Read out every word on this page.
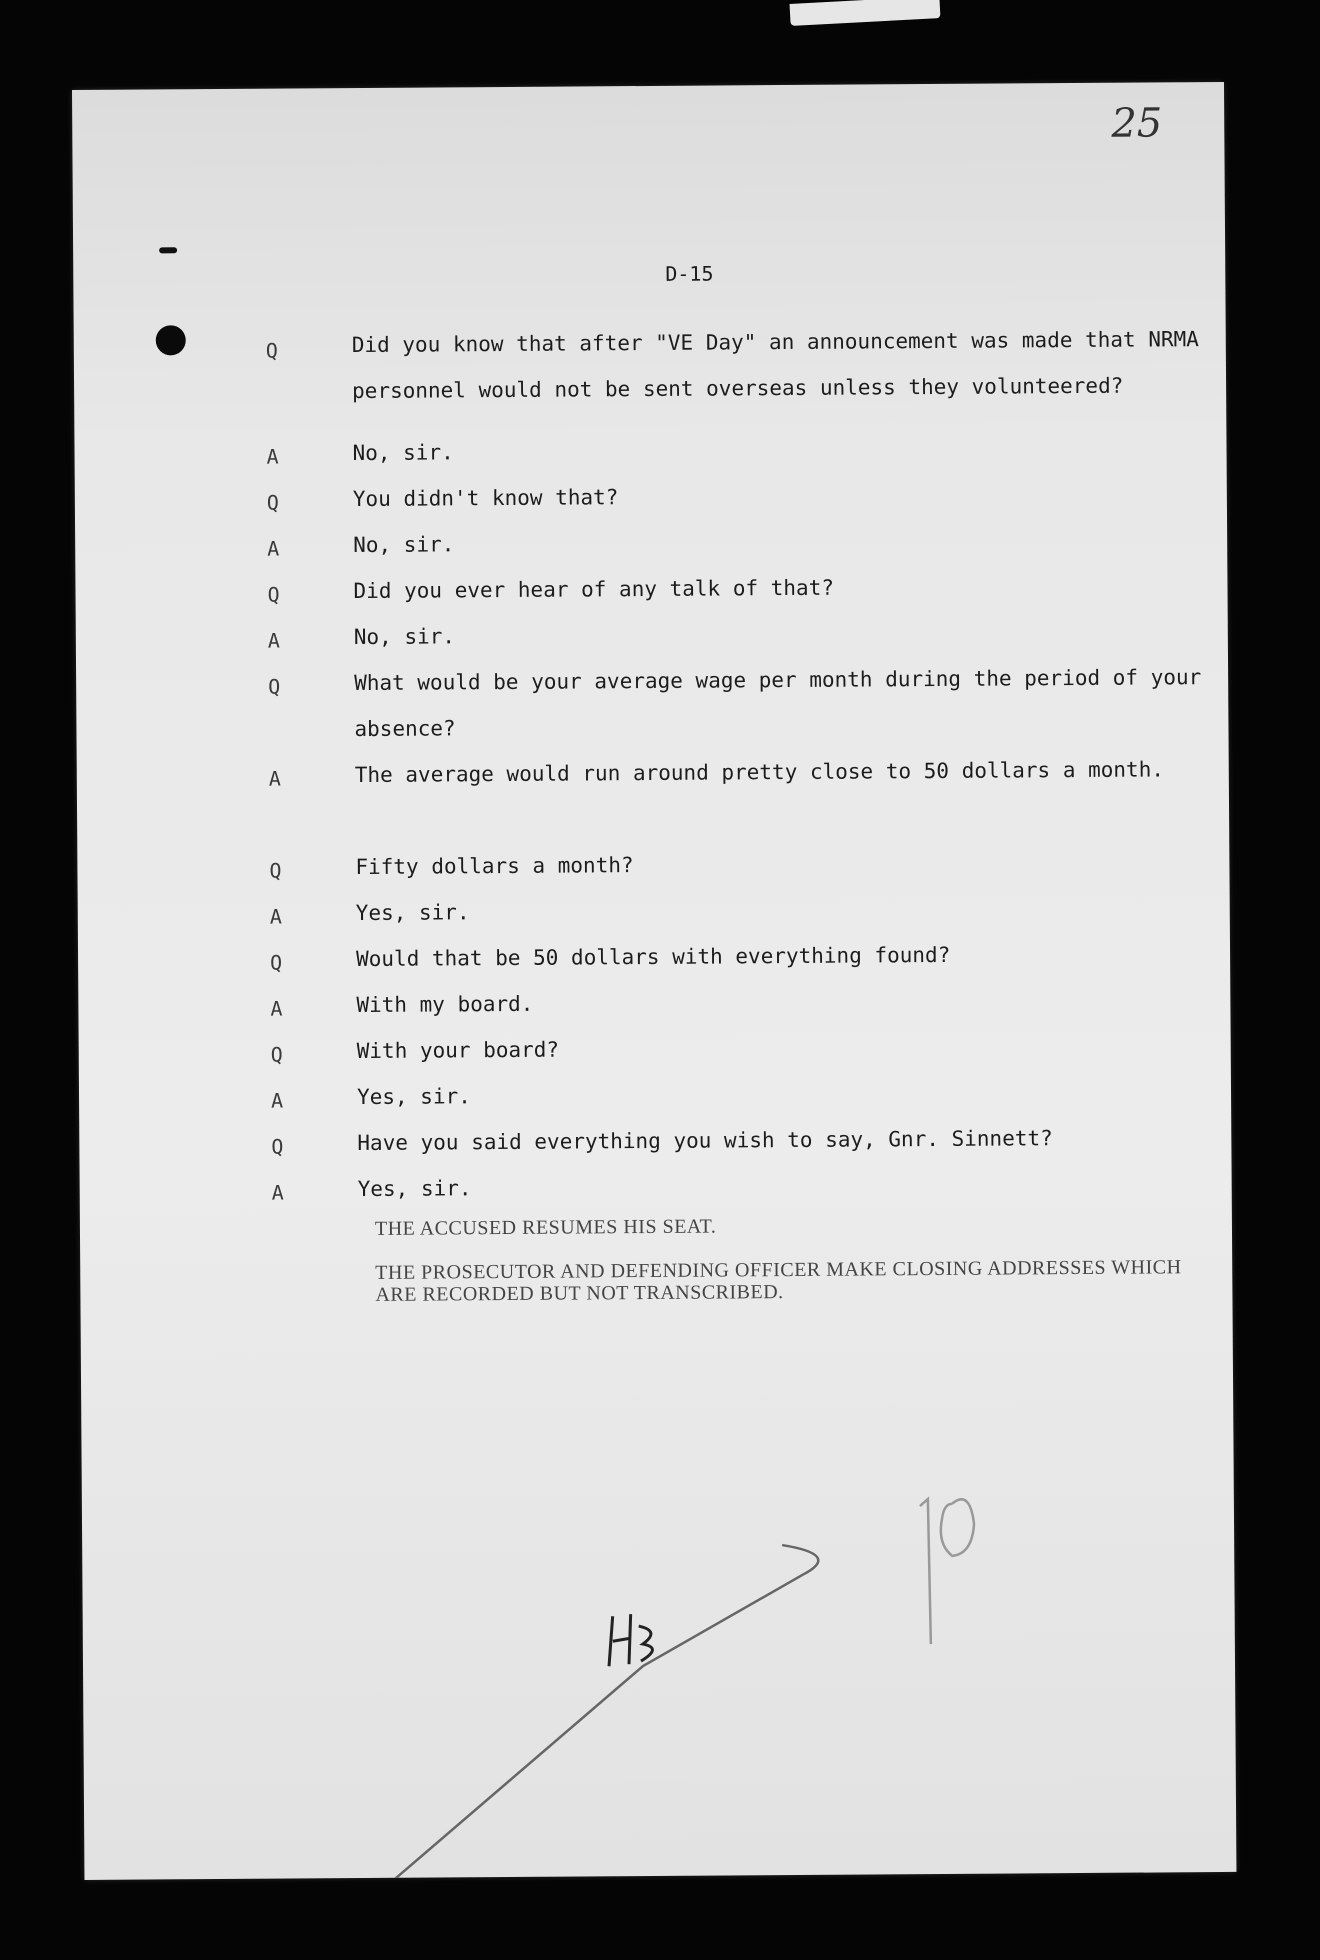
25
D-15
Q	Did you know that after "VE Day" an announcement was made that NRMA personnel would not be sent overseas unless they volunteered?
A	No, sir.
Q	You didn't know that?
A	No, sir.
Q	Did you ever hear of any talk of that?
A	No, sir.
Q	What would be your average wage per month during the period of your absence?
A	The average would run around pretty close to 50 dollars a month.
Q	Fifty dollars a month?
A	Yes, sir.
Q	Would that be 50 dollars with everything found?
A	With my board.
Q	With your board?
A	Yes, sir.
Q	Have you said everything you wish to say, Gnr. Sinnett?
A	Yes, sir.
THE ACCUSED RESUMES HIS SEAT.
THE PROSECUTOR AND DEFENDING OFFICER MAKE CLOSING ADDRESSES WHICH ARE RECORDED BUT NOT TRANSCRIBED.
